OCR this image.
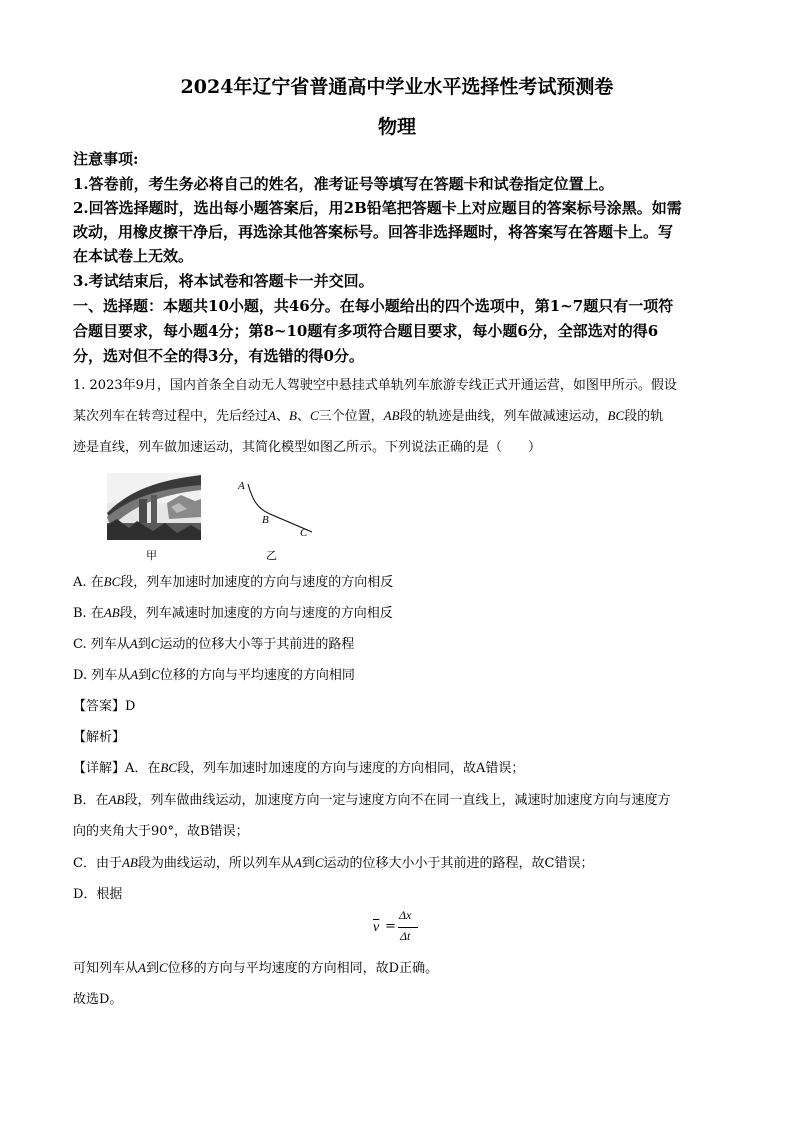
2024年辽宁省普通高中学业水平选择性考试预测卷
物理
注意事项:
1.答卷前，考生务必将自己的姓名，准考证号等填写在答题卡和试卷指定位置上。
2.回答选择题时，选出每小题答案后，用2B铅笔把答题卡上对应题目的答案标号涂黑。如需
改动，用橡皮擦干净后，再选涂其他答案标号。回答非选择题时，将答案写在答题卡上。写
在本试卷上无效。
3.考试结束后，将本试卷和答题卡一并交回。
一、选择题：本题共10小题，共46分。在每小题给出的四个选项中，第1~7题只有一项符
合题目要求，每小题4分；第8~10题有多项符合题目要求，每小题6分，全部选对的得6
分，选对但不全的得3分，有选错的得0分。
1. 2023年9月，国内首条全自动无人驾驶空中悬挂式单轨列车旅游专线正式开通运营，如图甲所示。假设
某次列车在转弯过程中，先后经过A、B、C三个位置，AB段的轨迹是曲线，列车做减速运动，BC段的轨
迹是直线，列车做加速运动，其简化模型如图乙所示。下列说法正确的是（　　）
甲
A
B
C
乙
A. 在BC段，列车加速时加速度的方向与速度的方向相反
B. 在AB段，列车减速时加速度的方向与速度的方向相反
C. 列车从A到C运动的位移大小等于其前进的路程
D. 列车从A到C位移的方向与平均速度的方向相同
【答案】D
【解析】
【详解】A．在BC段，列车加速时加速度的方向与速度的方向相同，故A错误；
B．在AB段，列车做曲线运动，加速度方向一定与速度方向不在同一直线上，减速时加速度方向与速度方
向的夹角大于90°，故B错误；
C．由于AB段为曲线运动，所以列车从A到C运动的位移大小小于其前进的路程，故C错误；
D．根据
$\overline{v}$ =
Δx
Δt
可知列车从A到C位移的方向与平均速度的方向相同，故D正确。
故选D。
